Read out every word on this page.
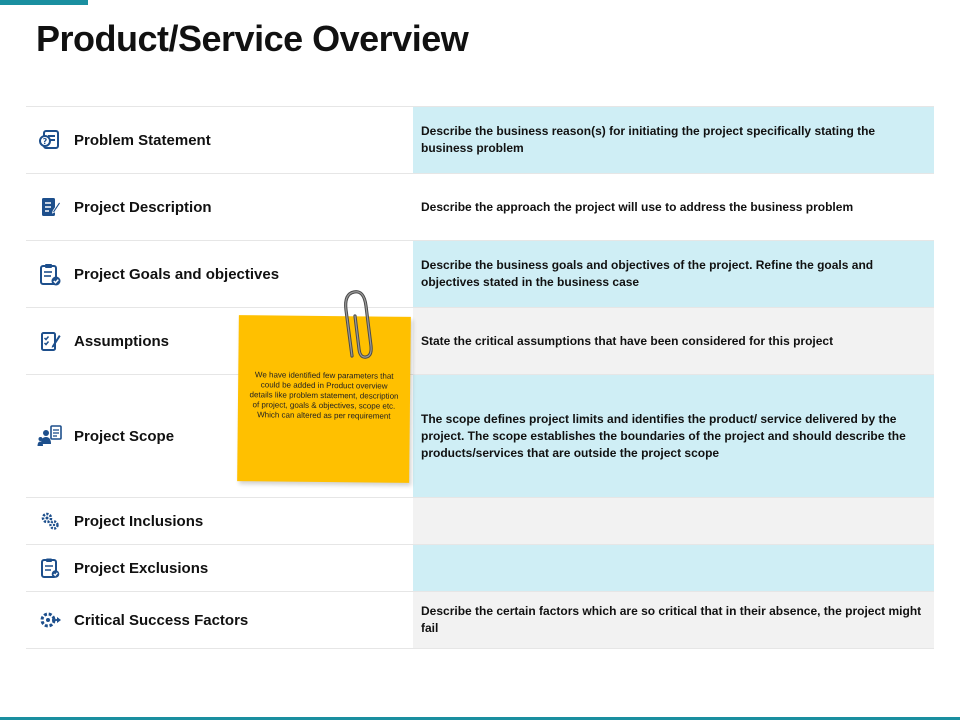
Product/Service Overview
? Problem Statement
Describe the business reason(s) for initiating the project specifically stating the business problem
Project Description	Describe the approach the project will use to address the business problem
Project Goals and objectives
Describe the business goals and objectives of the project. Refine the goals and objectives stated in the business case
Assumptions	State the critical assumptions that have been considered for this project
Project Scope
The scope defines project limits and identifies the product/ service delivered by the project. The scope establishes the boundaries of the project and should describe the products/services that are outside the project scope
Project Inclusions
Project Exclusions
Critical Success Factors
Describe the certain factors which are so critical that in their absence, the project might fail
We have identified few parameters that could be added in Product overview details like problem statement, description of project, goals & objectives, scope etc. Which can altered as per requirement
